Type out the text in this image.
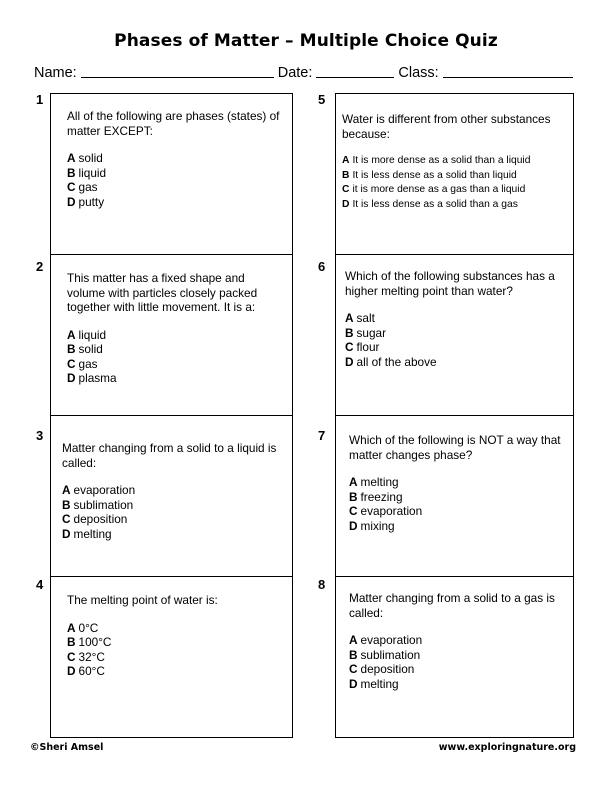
Phases of Matter – Multiple Choice Quiz
Name:	Date:	Class:
1
All of the following are phases (states) of matter EXCEPT:
A solid
B liquid
C gas
D putty
2
This matter has a fixed shape and volume with particles closely packed together with little movement. It is a:
A liquid
B solid
C gas
D plasma
3
Matter changing from a solid to a liquid is called:
A evaporation
B sublimation
C deposition
D melting
4
The melting point of water is:
A 0°C
B 100°C
C 32°C
D 60°C
5
Water is different from other substances because:
A It is more dense as a solid than a liquid
B It is less dense as a solid than liquid
C it is more dense as a gas than a liquid
D It is less dense as a solid than a gas
6
Which of the following substances has a higher melting point than water?
A salt
B sugar
C flour
D all of the above
7	Which of the following is NOT a way that matter changes phase?
A melting
B freezing
C evaporation
D mixing
8
Matter changing from a solid to a gas is called:
A evaporation
B sublimation
C deposition
D melting
©Sheri Amsel	www.exploringnature.org
